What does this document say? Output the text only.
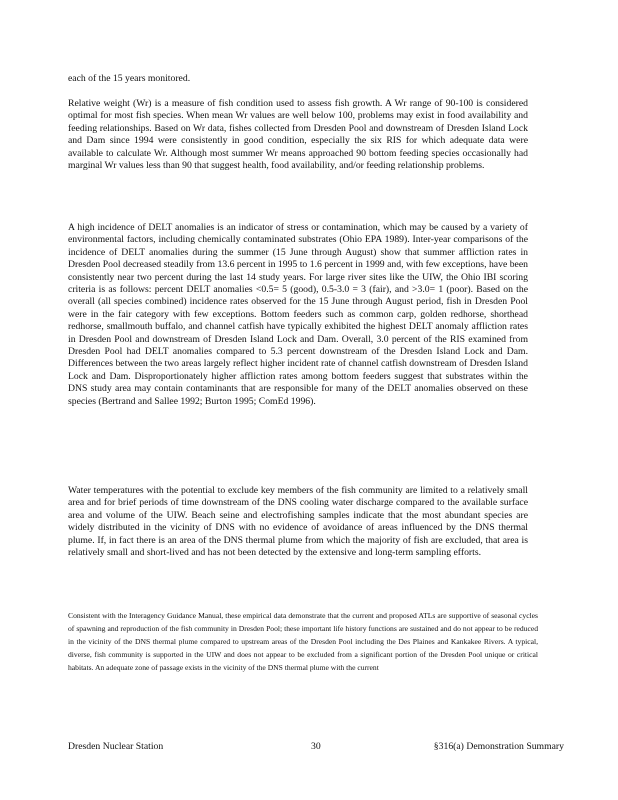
each of the 15 years monitored.

Relative weight (Wr) is a measure of fish condition used to assess fish growth. A Wr range of 90-100 is considered optimal for most fish species. When mean Wr values are well below 100, problems may exist in food availability and feeding relationships. Based on Wr data, fishes collected from Dresden Pool and downstream of Dresden Island Lock and Dam since 1994 were consistently in good condition, especially the six RIS for which adequate data were available to calculate Wr. Although most summer Wr means approached 90 bottom feeding species occasionally had marginal Wr values less than 90 that suggest health, food availability, and/or feeding relationship problems.

A high incidence of DELT anomalies is an indicator of stress or contamination, which may be caused by a variety of environmental factors, including chemically contaminated substrates (Ohio EPA 1989). Inter-year comparisons of the incidence of DELT anomalies during the summer (15 June through August) show that summer affliction rates in Dresden Pool decreased steadily from 13.6 percent in 1995 to 1.6 percent in 1999 and, with few exceptions, have been consistently near two percent during the last 14 study years. For large river sites like the UIW, the Ohio IBI scoring criteria is as follows: percent DELT anomalies <0.5= 5 (good), 0.5-3.0 = 3 (fair), and >3.0= 1 (poor). Based on the overall (all species combined) incidence rates observed for the 15 June through August period, fish in Dresden Pool were in the fair category with few exceptions. Bottom feeders such as common carp, golden redhorse, shorthead redhorse, smallmouth buffalo, and channel catfish have typically exhibited the highest DELT anomaly affliction rates in Dresden Pool and downstream of Dresden Island Lock and Dam. Overall, 3.0 percent of the RIS examined from Dresden Pool had DELT anomalies compared to 5.3 percent downstream of the Dresden Island Lock and Dam. Differences between the two areas largely reflect higher incident rate of channel catfish downstream of Dresden Island Lock and Dam. Disproportionately higher affliction rates among bottom feeders suggest that substrates within the DNS study area may contain contaminants that are responsible for many of the DELT anomalies observed on these species (Bertrand and Sallee 1992; Burton 1995; ComEd 1996).

Water temperatures with the potential to exclude key members of the fish community are limited to a relatively small area and for brief periods of time downstream of the DNS cooling water discharge compared to the available surface area and volume of the UIW. Beach seine and electrofishing samples indicate that the most abundant species are widely distributed in the vicinity of DNS with no evidence of avoidance of areas influenced by the DNS thermal plume. If, in fact there is an area of the DNS thermal plume from which the majority of fish are excluded, that area is relatively small and short-lived and has not been detected by the extensive and long-term sampling efforts.

Consistent with the Interagency Guidance Manual, these empirical data demonstrate that the current and proposed ATLs are supportive of seasonal cycles of spawning and reproduction of the fish community in Dresden Pool; these important life history functions are sustained and do not appear to be reduced in the vicinity of the DNS thermal plume compared to upstream areas of the Dresden Pool including the Des Plaines and Kankakee Rivers. A typical, diverse, fish community is supported in the UIW and does not appear to be excluded from a significant portion of the Dresden Pool unique or critical habitats. An adequate zone of passage exists in the vicinity of the DNS thermal plume with the current

Dresden Nuclear Station	30	§316(a) Demonstration Summary
